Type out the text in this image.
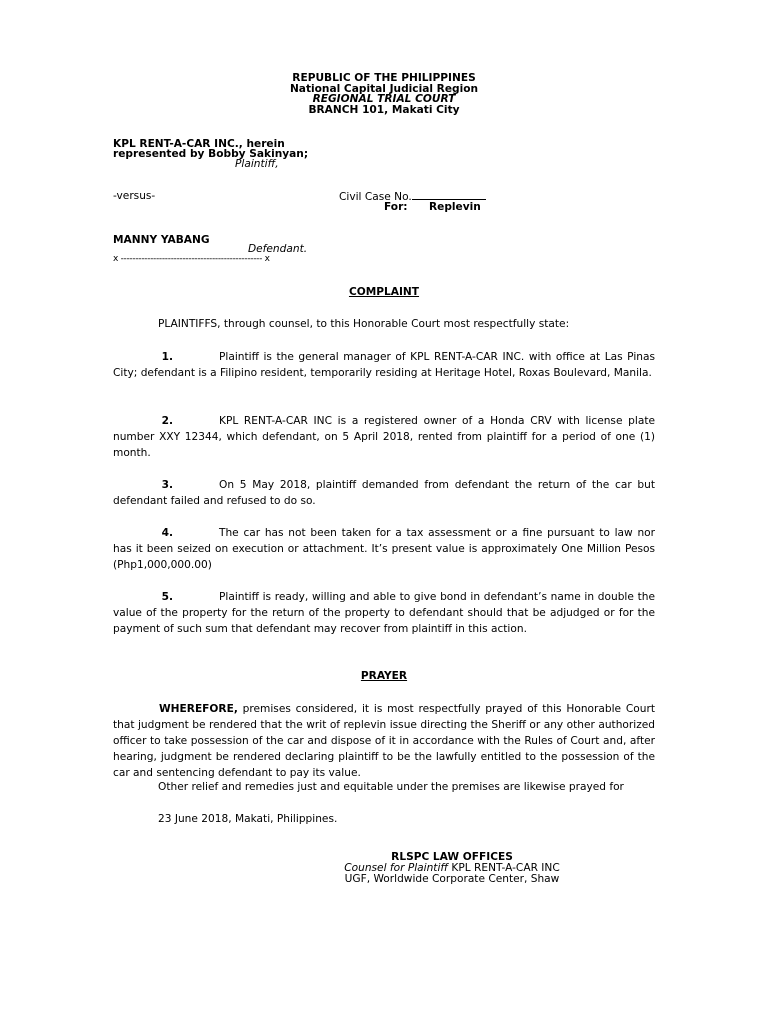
REPUBLIC OF THE PHILIPPINES
National Capital Judicial Region
REGIONAL TRIAL COURT
BRANCH 101, Makati City
KPL RENT-A-CAR INC., herein
represented by Bobby Sakinyan;
Plaintiff,
-versus-	Civil Case No.
For: Replevin
MANNY YABANG
Defendant.
x ------------------------------------------------ x
COMPLAINT
PLAINTIFFS, through counsel, to this Honorable Court most respectfully state:
1.	Plaintiff is the general manager of KPL RENT-A-CAR INC. with office at Las Pinas City; defendant is a Filipino resident, temporarily residing at Heritage Hotel, Roxas Boulevard, Manila.
2.	KPL RENT-A-CAR INC is a registered owner of a Honda CRV with license plate number XXY 12344, which defendant, on 5 April 2018, rented from plaintiff for a period of one (1) month.
3.	On 5 May 2018, plaintiff demanded from defendant the return of the car but defendant failed and refused to do so.
4.	The car has not been taken for a tax assessment or a fine pursuant to law nor has it been seized on execution or attachment. It’s present value is approximately One Million Pesos (Php1,000,000.00)
5.	Plaintiff is ready, willing and able to give bond in defendant’s name in double the value of the property for the return of the property to defendant should that be adjudged or for the payment of such sum that defendant may recover from plaintiff in this action.
PRAYER
WHEREFORE, premises considered, it is most respectfully prayed of this Honorable Court that judgment be rendered that the writ of replevin issue directing the Sheriff or any other authorized officer to take possession of the car and dispose of it in accordance with the Rules of Court and, after hearing, judgment be rendered declaring plaintiff to be the lawfully entitled to the possession of the car and sentencing defendant to pay its value.
Other relief and remedies just and equitable under the premises are likewise prayed for
23 June 2018, Makati, Philippines.
RLSPC LAW OFFICES
Counsel for Plaintiff KPL RENT-A-CAR INC
UGF, Worldwide Corporate Center, Shaw
